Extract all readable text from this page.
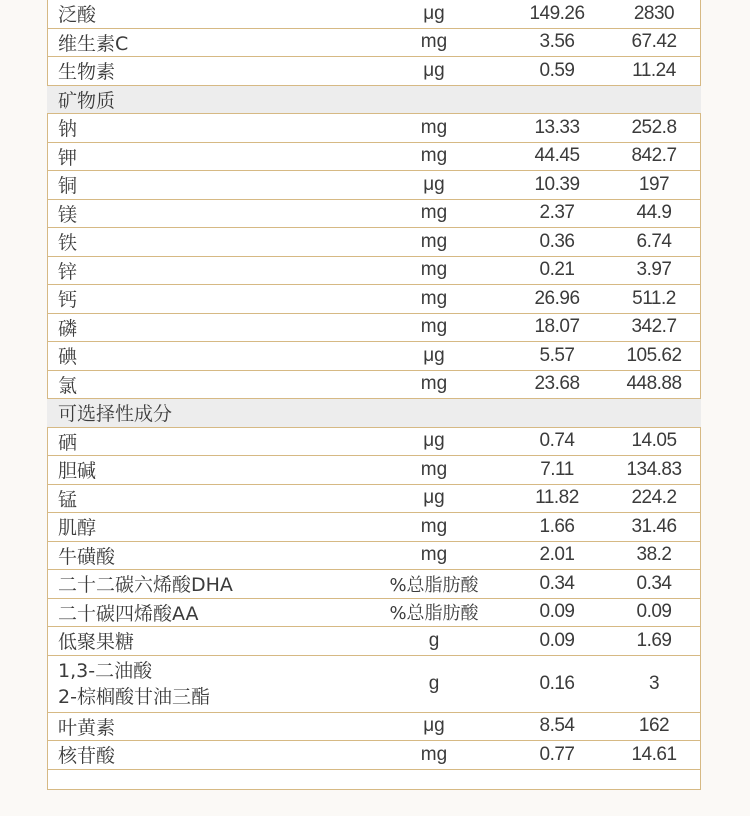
泛酸	μg	149.26	2830
维生素C	mg	3.56	67.42
生物素	μg	0.59	11.24
矿物质			
钠	mg	13.33	252.8
钾	mg	44.45	842.7
铜	μg	10.39	197
镁	mg	2.37	44.9
铁	mg	0.36	6.74
锌	mg	0.21	3.97
钙	mg	26.96	511.2
磷	mg	18.07	342.7
碘	μg	5.57	105.62
氯	mg	23.68	448.88
可选择性成分			
硒	μg	0.74	14.05
胆碱	mg	7.11	134.83
锰	μg	11.82	224.2
肌醇	mg	1.66	31.46
牛磺酸	mg	2.01	38.2
二十二碳六烯酸DHA	%总脂肪酸	0.34	0.34
二十碳四烯酸AA	%总脂肪酸	0.09	0.09
低聚果糖	g	0.09	1.69

1,3-二油酸
2-棕榈酸甘油三酯	g	0.16	3
叶黄素	μg	8.54	162
核苷酸	mg	0.77	14.61
